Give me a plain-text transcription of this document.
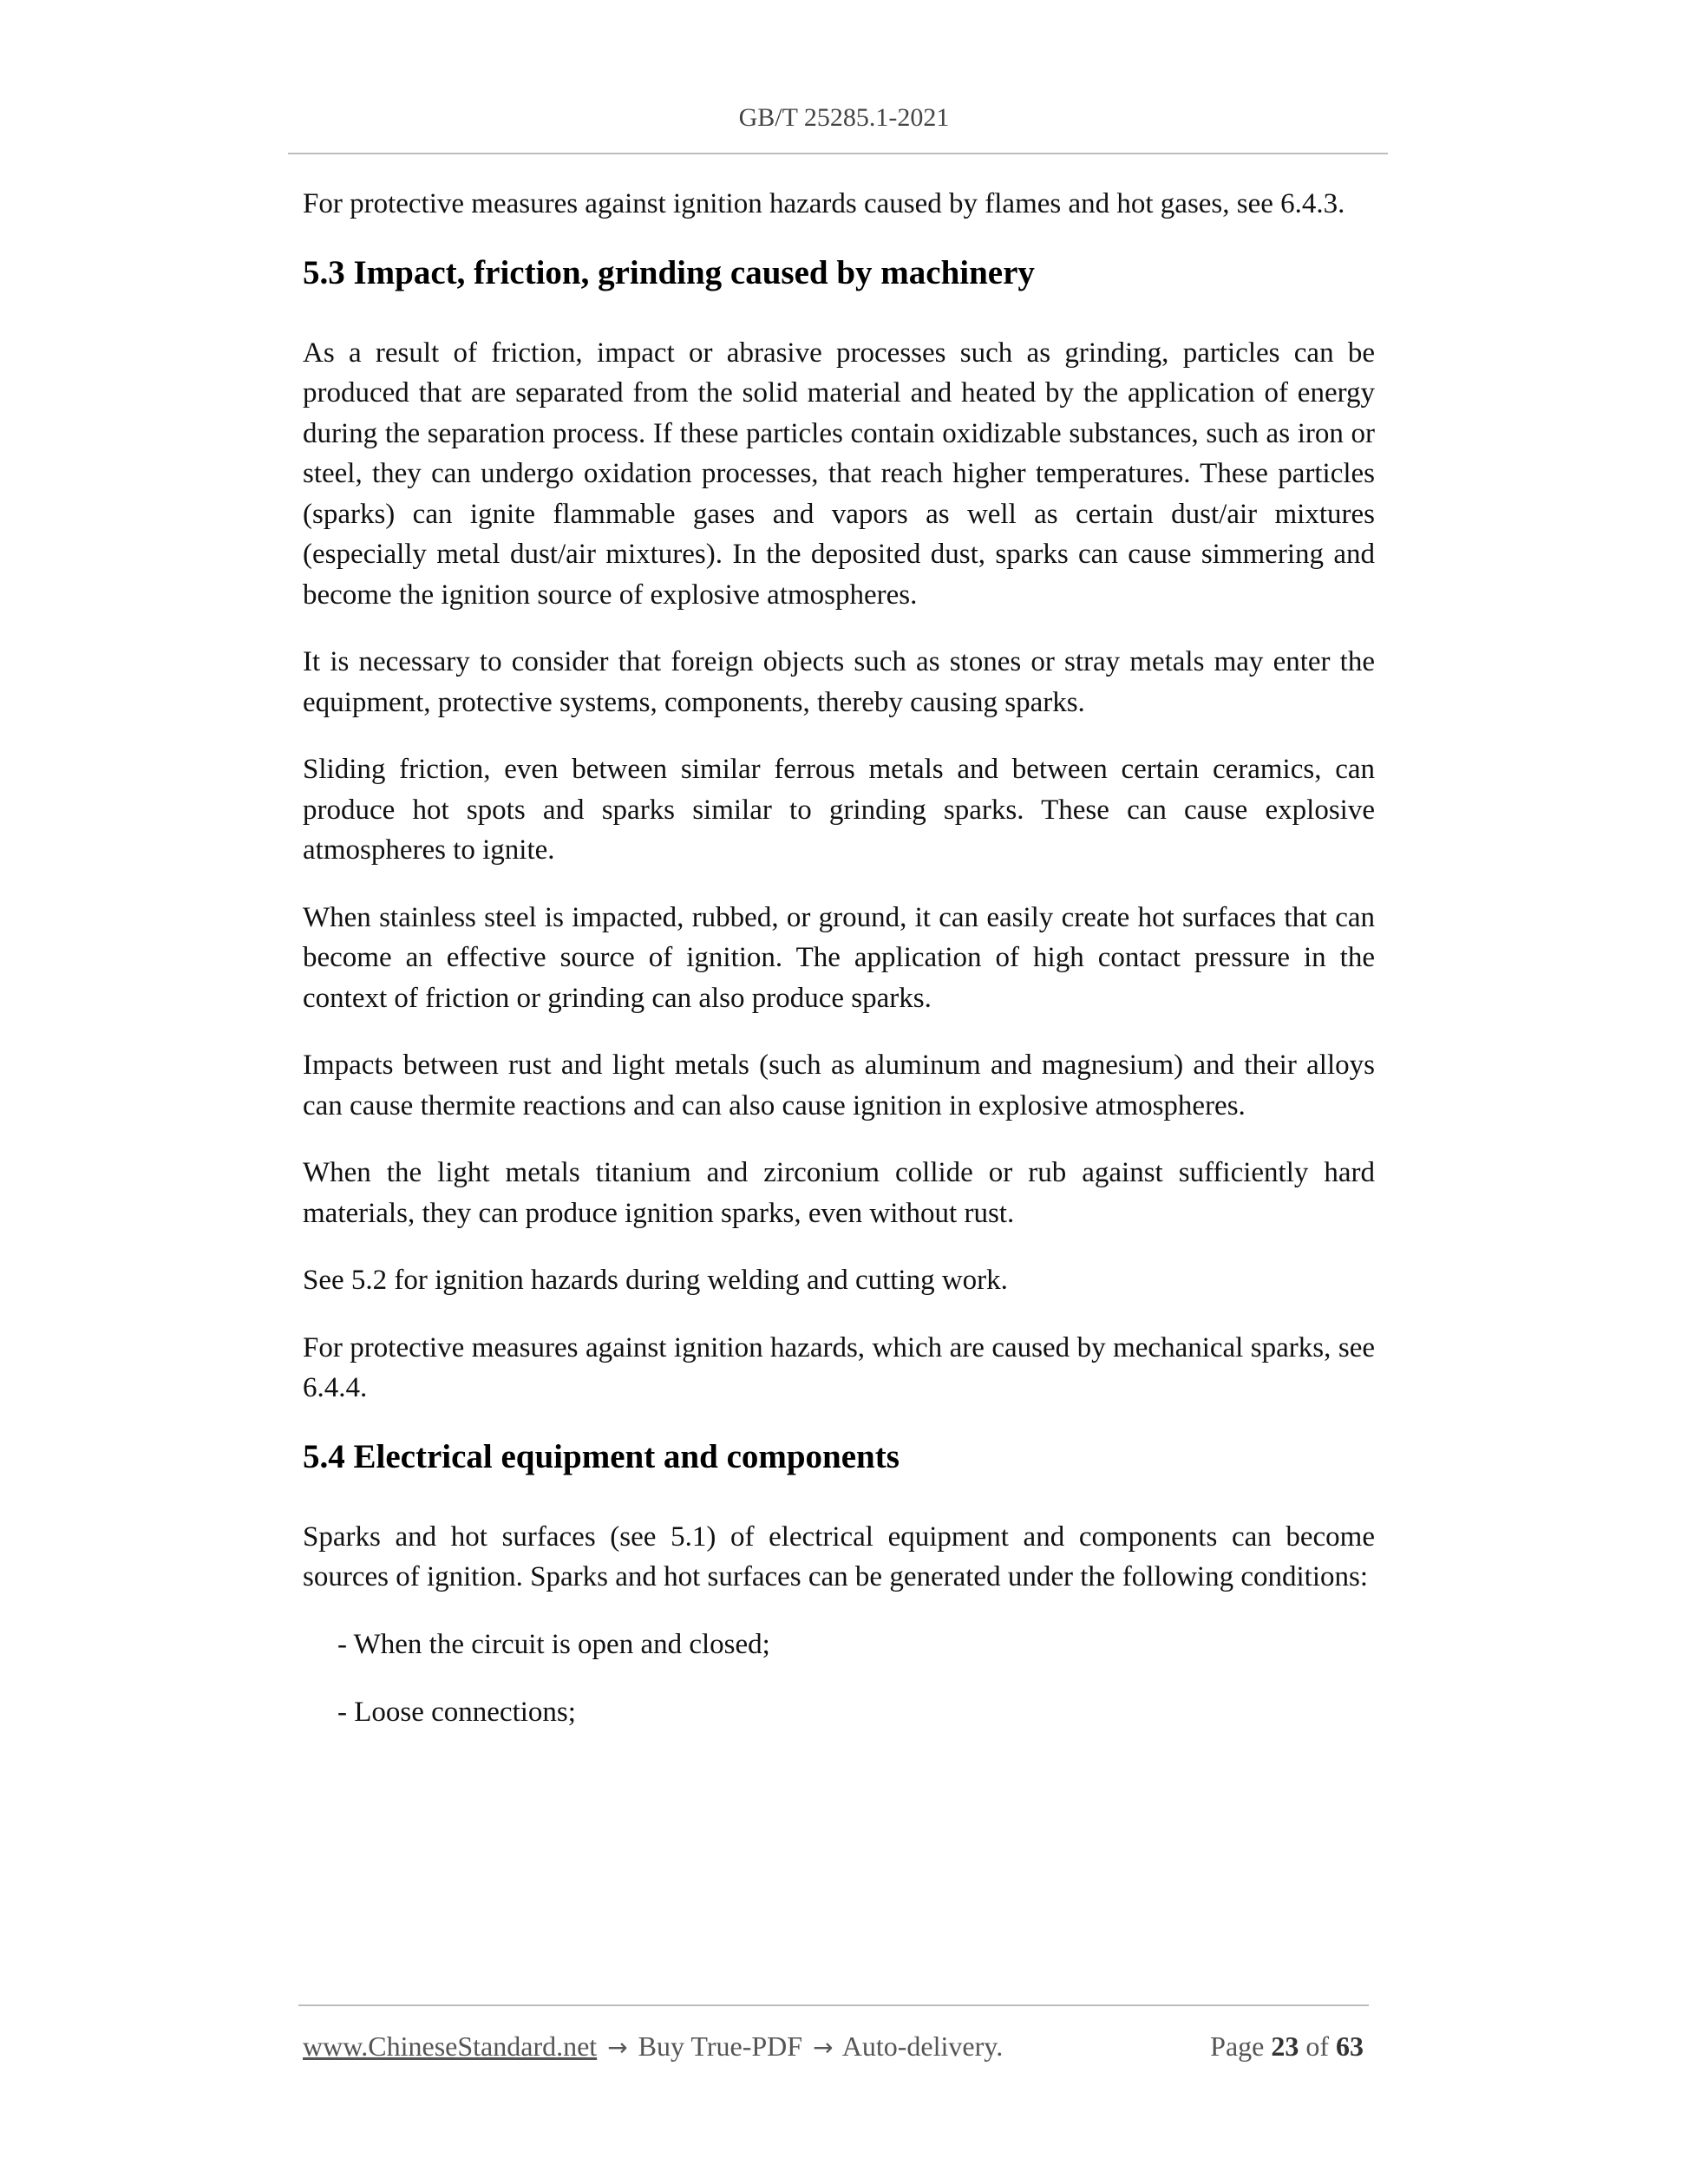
GB/T 25285.1-2021

For protective measures against ignition hazards caused by flames and hot gases, see 6.4.3.

5.3 Impact, friction, grinding caused by machinery

As a result of friction, impact or abrasive processes such as grinding, particles can be produced that are separated from the solid material and heated by the application of energy during the separation process. If these particles contain oxidizable substances, such as iron or steel, they can undergo oxidation processes, that reach higher temperatures. These particles (sparks) can ignite flammable gases and vapors as well as certain dust/air mixtures (especially metal dust/air mixtures). In the deposited dust, sparks can cause simmering and become the ignition source of explosive atmospheres.

It is necessary to consider that foreign objects such as stones or stray metals may enter the equipment, protective systems, components, thereby causing sparks.

Sliding friction, even between similar ferrous metals and between certain ceramics, can produce hot spots and sparks similar to grinding sparks. These can cause explosive atmospheres to ignite.

When stainless steel is impacted, rubbed, or ground, it can easily create hot surfaces that can become an effective source of ignition. The application of high contact pressure in the context of friction or grinding can also produce sparks.

Impacts between rust and light metals (such as aluminum and magnesium) and their alloys can cause thermite reactions and can also cause ignition in explosive atmospheres.

When the light metals titanium and zirconium collide or rub against sufficiently hard materials, they can produce ignition sparks, even without rust.

See 5.2 for ignition hazards during welding and cutting work.

For protective measures against ignition hazards, which are caused by mechanical sparks, see 6.4.4.

5.4 Electrical equipment and components

Sparks and hot surfaces (see 5.1) of electrical equipment and components can become sources of ignition. Sparks and hot surfaces can be generated under the following conditions:

- When the circuit is open and closed;
- Loose connections;
www.ChineseStandard.net → Buy True-PDF → Auto-delivery.	Page 23 of 63
